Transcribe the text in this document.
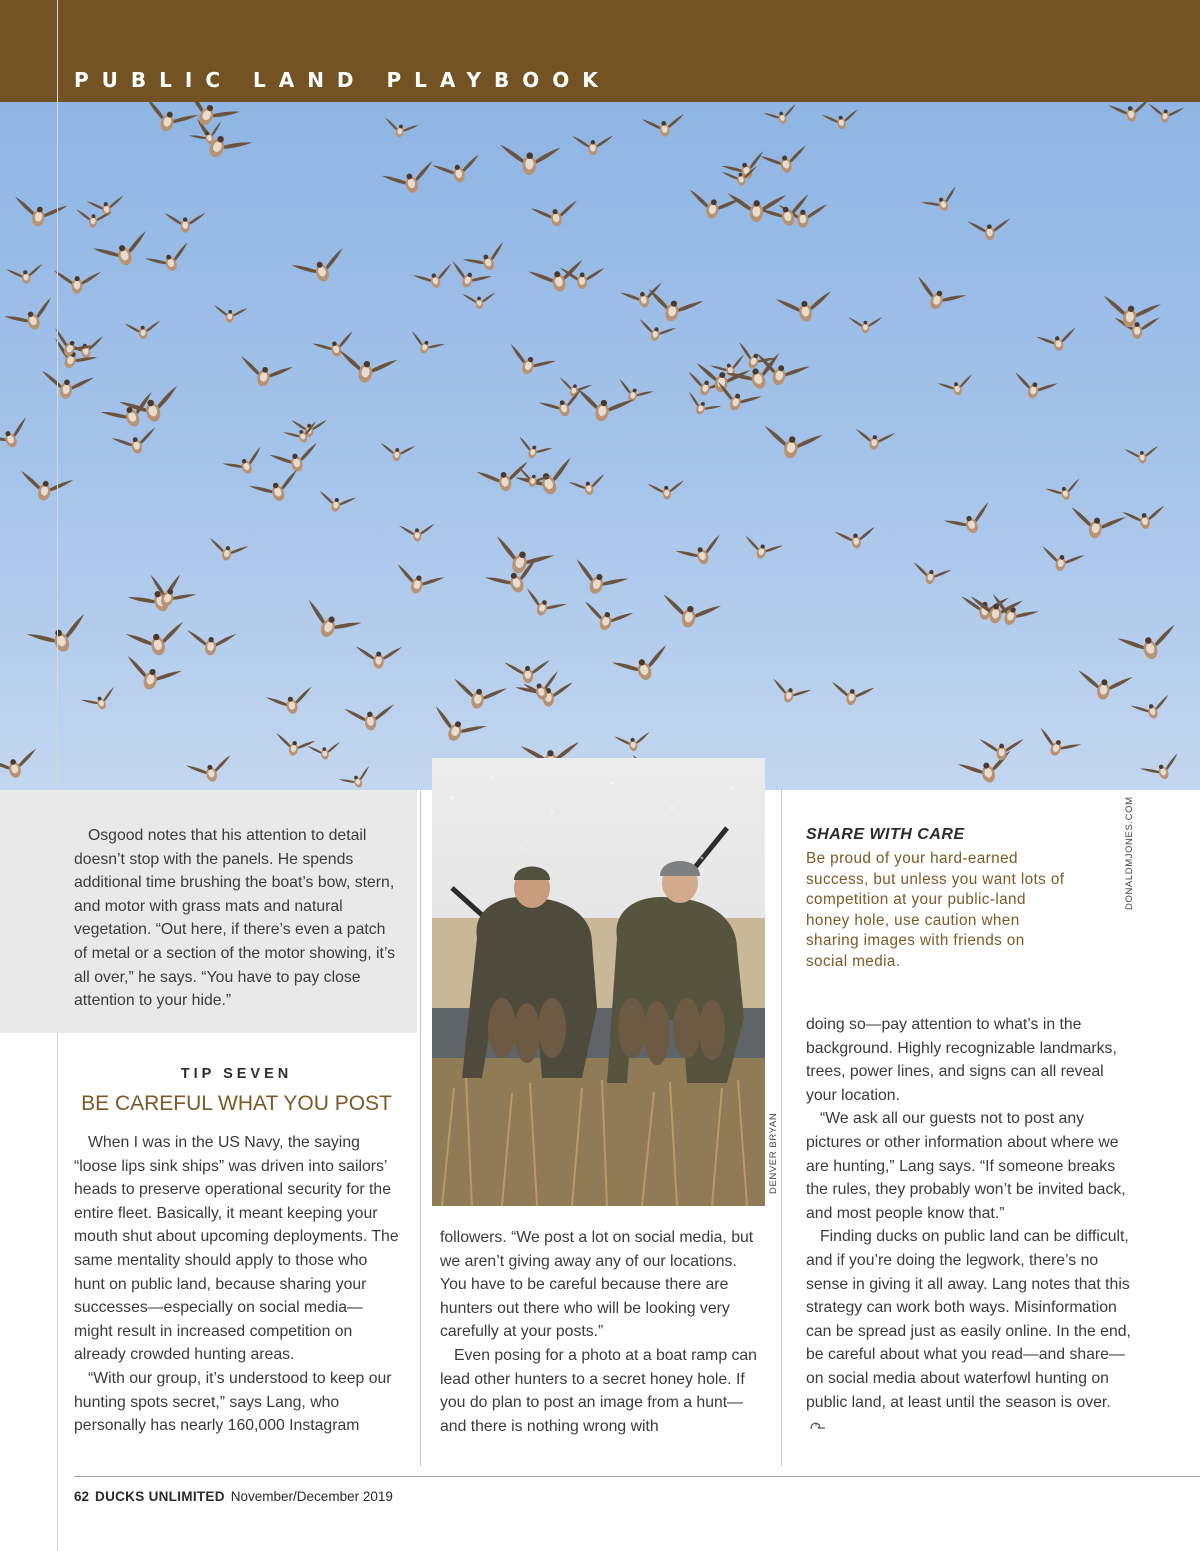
PUBLIC LAND PLAYBOOK
DONALDMJONES.COM

Osgood notes that his attention to detail doesn’t stop with the panels. He spends additional time brushing the boat’s bow, stern, and motor with grass mats and natural vegetation. “Out here, if there’s even a patch of metal or a section of the motor showing, it’s all over,” he says. “You have to pay close attention to your hide.”

TIP SEVEN
BE CAREFUL WHAT YOU POST

When I was in the US Navy, the saying “loose lips sink ships” was driven into sailors’ heads to preserve operational security for the entire fleet. Basically, it meant keeping your mouth shut about upcoming deployments. The same mentality should apply to those who hunt on public land, because sharing your successes—especially on social media—might result in increased competition on already crowded hunting areas.

“With our group, it’s understood to keep our hunting spots secret,” says Lang, who personally has nearly 160,000 Instagram

DENVER BRYAN

followers. “We post a lot on social media, but we aren’t giving away any of our locations. You have to be careful because there are hunters out there who will be looking very carefully at your posts.”

Even posing for a photo at a boat ramp can lead other hunters to a secret honey hole. If you do plan to post an image from a hunt—and there is nothing wrong with

SHARE WITH CARE
Be proud of your hard-earned success, but unless you want lots of competition at your public-land honey hole, use caution when sharing images with friends on social media.

doing so—pay attention to what’s in the background. Highly recognizable landmarks, trees, power lines, and signs can all reveal your location.

“We ask all our guests not to post any pictures or other information about where we are hunting,” Lang says. “If someone breaks the rules, they probably won’t be invited back, and most people know that.”

Finding ducks on public land can be difficult, and if you’re doing the legwork, there’s no sense in giving it all away. Lang notes that this strategy can work both ways. Misinformation can be spread just as easily online. In the end, be careful about what you read—and share—on social media about waterfowl hunting on public land, at least until the season is over.

62 DUCKS UNLIMITED November/December 2019
